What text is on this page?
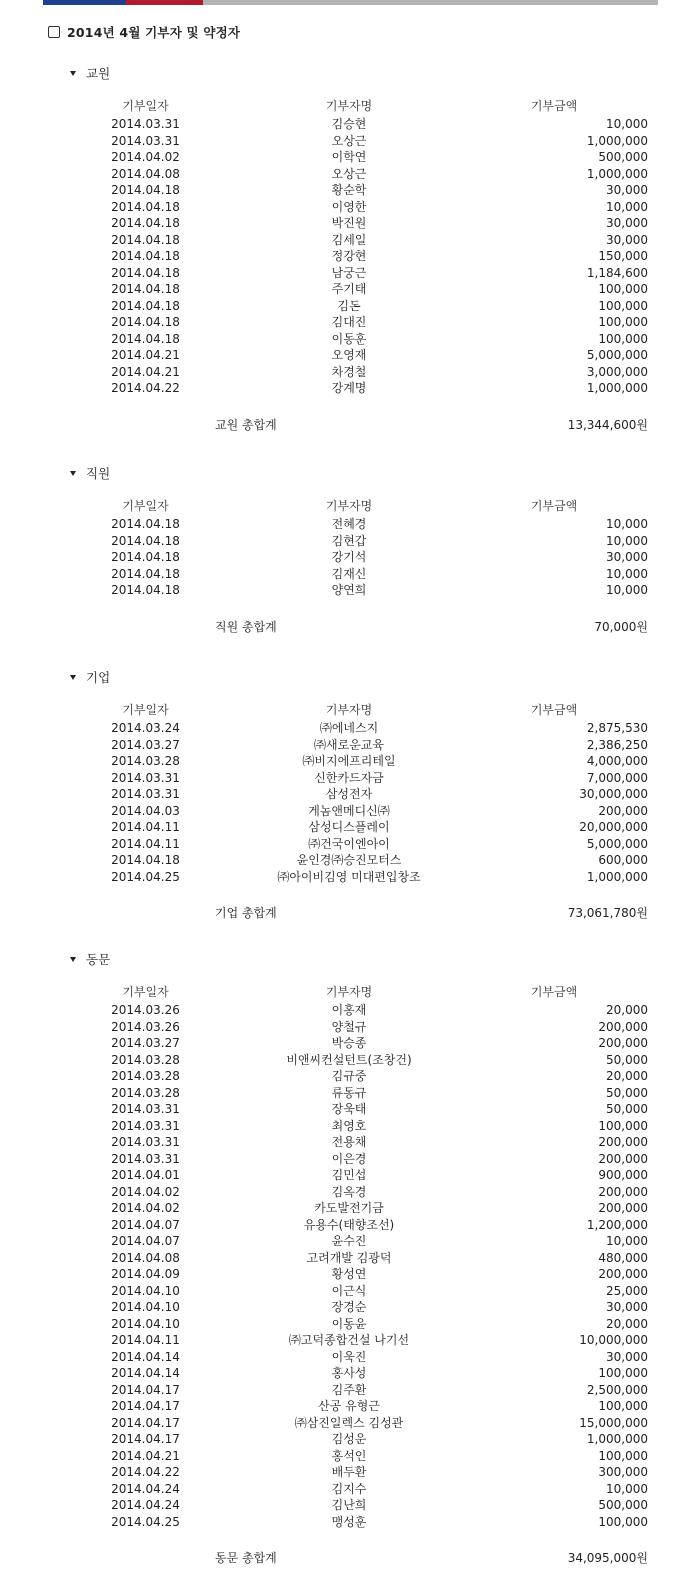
2014년 4월 기부자 및 약정자
교원
기부일자	기부자명	기부금액
2014.03.31	김승현	10,000
2014.03.31	오상근	1,000,000
2014.04.02	이학연	500,000
2014.04.08	오상근	1,000,000
2014.04.18	황순학	30,000
2014.04.18	이영한	10,000
2014.04.18	박진원	30,000
2014.04.18	김세일	30,000
2014.04.18	정강현	150,000
2014.04.18	남궁근	1,184,600
2014.04.18	주기태	100,000
2014.04.18	김돈	100,000
2014.04.18	김대진	100,000
2014.04.18	이동훈	100,000
2014.04.21	오영재	5,000,000
2014.04.21	차경철	3,000,000
2014.04.22	강계명	1,000,000
교원 총합계	13,344,600원
직원
기부일자	기부자명	기부금액
2014.04.18	전혜경	10,000
2014.04.18	김현갑	10,000
2014.04.18	강기석	30,000
2014.04.18	김재신	10,000
2014.04.18	양연희	10,000
직원 총합계	70,000원
기업
기부일자	기부자명	기부금액
2014.03.24	㈜에네스지	2,875,530
2014.03.27	㈜새로운교육	2,386,250
2014.03.28	㈜비지에프리테일	4,000,000
2014.03.31	신한카드자금	7,000,000
2014.03.31	삼성전자	30,000,000
2014.04.03	게놈앤메디신㈜	200,000
2014.04.11	삼성디스플레이	20,000,000
2014.04.11	㈜건국이엔아이	5,000,000
2014.04.18	윤인경㈜승진모터스	600,000
2014.04.25	㈜아이비김영 미대편입창조	1,000,000
기업 총합계	73,061,780원
동문
기부일자	기부자명	기부금액
2014.03.26	이홍재	20,000
2014.03.26	양철규	200,000
2014.03.27	박승종	200,000
2014.03.28	비앤씨컨설턴트(조창건)	50,000
2014.03.28	김규중	20,000
2014.03.28	류동규	50,000
2014.03.31	장욱태	50,000
2014.03.31	최영호	100,000
2014.03.31	전용채	200,000
2014.03.31	이은경	200,000
2014.04.01	김민섭	900,000
2014.04.02	김옥경	200,000
2014.04.02	카도발전기금	200,000
2014.04.07	유용수(태향조선)	1,200,000
2014.04.07	윤수진	10,000
2014.04.08	고려개발 김광덕	480,000
2014.04.09	황성연	200,000
2014.04.10	이근식	25,000
2014.04.10	장경순	30,000
2014.04.10	이동윤	20,000
2014.04.11	㈜고덕종합건설 나기선	10,000,000
2014.04.14	이욱진	30,000
2014.04.14	홍사성	100,000
2014.04.17	김주환	2,500,000
2014.04.17	산공 유형근	100,000
2014.04.17	㈜삼진일렉스 김성관	15,000,000
2014.04.17	김성운	1,000,000
2014.04.21	홍석인	100,000
2014.04.22	배두환	300,000
2014.04.24	김지수	10,000
2014.04.24	김난희	500,000
2014.04.25	맹성훈	100,000
동문 총합계	34,095,000원
